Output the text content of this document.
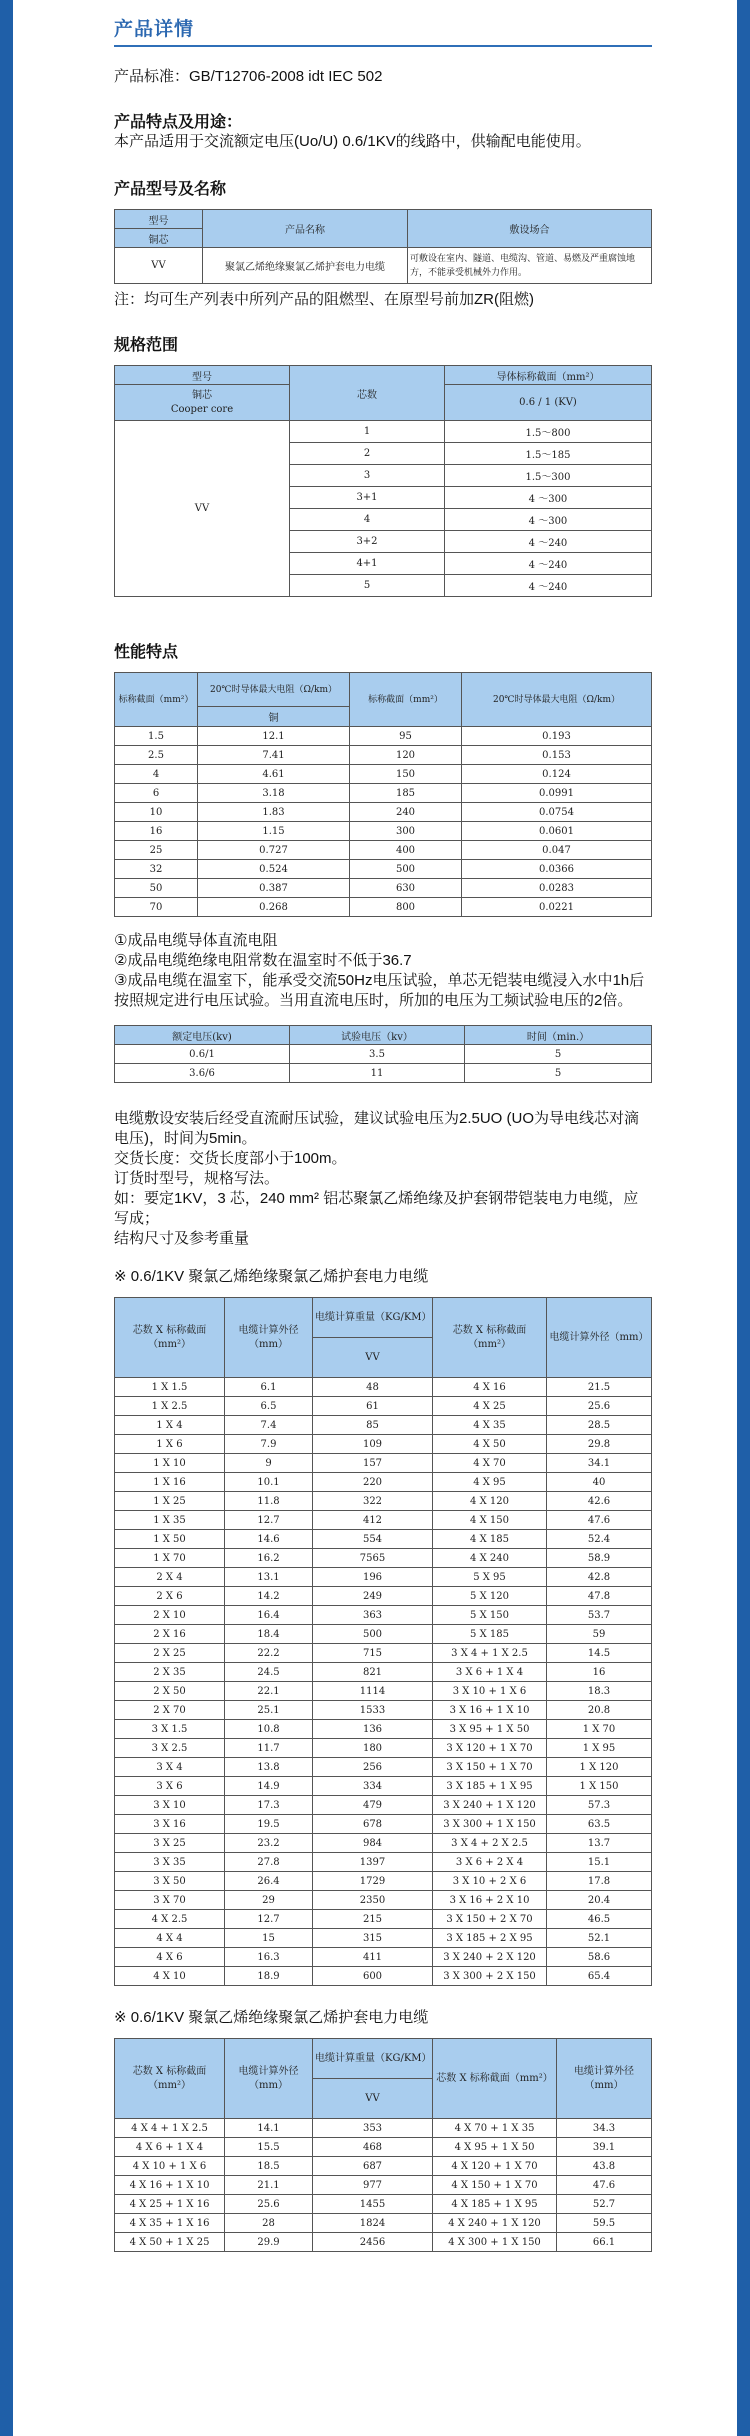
产品详情
产品标准：GB/T12706-2008 idt IEC 502
产品特点及用途：
本产品适用于交流额定电压(Uo/U) 0.6/1KV的线路中，供输配电能使用。
产品型号及名称
型号	产品名称	敷设场合
铜芯		
VV	聚氯乙烯绝缘聚氯乙烯护套电力电缆	可敷设在室内、隧道、电缆沟、管道、易燃及严重腐蚀地方，不能承受机械外力作用。
注：均可生产列表中所列产品的阻燃型、在原型号前加ZR(阻燃)
规格范围
型号	芯数	导体标称截面（mm²）
铜芯
Cooper core		0.6 / 1 (KV)
VV	1	1.5～800
	2	1.5～185
	3	1.5～300
	3+1	4 ～300
	4	4 ～300
	3+2	4 ～240
	4+1	4 ～240
	5	4 ～240
性能特点
标称截面（mm²）	20℃时导体最大电阻（Ω/km）	标称截面（mm²）	20℃时导体最大电阻（Ω/km）
	铜		
1.5	12.1	95	0.193
2.5	7.41	120	0.153
4	4.61	150	0.124
6	3.18	185	0.0991
10	1.83	240	0.0754
16	1.15	300	0.0601
25	0.727	400	0.047
32	0.524	500	0.0366
50	0.387	630	0.0283
70	0.268	800	0.0221
①成品电缆导体直流电阻
②成品电缆绝缘电阻常数在温室时不低于36.7
③成品电缆在温室下，能承受交流50Hz电压试验，单芯无铠装电缆浸入水中1h后按照规定进行电压试验。当用直流电压时，所加的电压为工频试验电压的2倍。
额定电压(kv)	试验电压（kv）	时间（min.）
0.6/1	3.5	5
3.6/6	11	5
电缆敷设安装后经受直流耐压试验，建议试验电压为2.5UO (UO为导电线芯对滴电压)，时间为5min。
交货长度：交货长度部小于100m。
订货时型号，规格写法。
如：要定1KV，3 芯，240 mm² 铝芯聚氯乙烯绝缘及护套钢带铠装电力电缆，应写成；
结构尺寸及参考重量
※ 0.6/1KV 聚氯乙烯绝缘聚氯乙烯护套电力电缆
芯数 X 标称截面（mm²）	电缆计算外径（mm）	电缆计算重量（KG/KM）	芯数 X 标称截面（mm²）	电缆计算外径（mm）
		VV		
1 X 1.5	6.1	48	4 X 16	21.5
1 X 2.5	6.5	61	4 X 25	25.6
1 X 4	7.4	85	4 X 35	28.5
1 X 6	7.9	109	4 X 50	29.8
1 X 10	9	157	4 X 70	34.1
1 X 16	10.1	220	4 X 95	40
1 X 25	11.8	322	4 X 120	42.6
1 X 35	12.7	412	4 X 150	47.6
1 X 50	14.6	554	4 X 185	52.4
1 X 70	16.2	7565	4 X 240	58.9
2 X 4	13.1	196	5 X 95	42.8
2 X 6	14.2	249	5 X 120	47.8
2 X 10	16.4	363	5 X 150	53.7
2 X 16	18.4	500	5 X 185	59
2 X 25	22.2	715	3 X 4 + 1 X 2.5	14.5
2 X 35	24.5	821	3 X 6 + 1 X 4	16
2 X 50	22.1	1114	3 X 10 + 1 X 6	18.3
2 X 70	25.1	1533	3 X 16 + 1 X 10	20.8
3 X 1.5	10.8	136	3 X 95 + 1 X 50	1 X 70
3 X 2.5	11.7	180	3 X 120 + 1 X 70	1 X 95
3 X 4	13.8	256	3 X 150 + 1 X 70	1 X 120
3 X 6	14.9	334	3 X 185 + 1 X 95	1 X 150
3 X 10	17.3	479	3 X 240 + 1 X 120	57.3
3 X 16	19.5	678	3 X 300 + 1 X 150	63.5
3 X 25	23.2	984	3 X 4 + 2 X 2.5	13.7
3 X 35	27.8	1397	3 X 6 + 2 X 4	15.1
3 X 50	26.4	1729	3 X 10 + 2 X 6	17.8
3 X 70	29	2350	3 X 16 + 2 X 10	20.4
4 X 2.5	12.7	215	3 X 150 + 2 X 70	46.5
4 X 4	15	315	3 X 185 + 2 X 95	52.1
4 X 6	16.3	411	3 X 240 + 2 X 120	58.6
4 X 10	18.9	600	3 X 300 + 2 X 150	65.4
※ 0.6/1KV 聚氯乙烯绝缘聚氯乙烯护套电力电缆
芯数 X 标称截面（mm²）	电缆计算外径（mm）	电缆计算重量（KG/KM）	芯数 X 标称截面（mm²）	电缆计算外径（mm）
		VV		
4 X 4 + 1 X 2.5	14.1	353	4 X 70 + 1 X 35	34.3
4 X 6 + 1 X 4	15.5	468	4 X 95 + 1 X 50	39.1
4 X 10 + 1 X 6	18.5	687	4 X 120 + 1 X 70	43.8
4 X 16 + 1 X 10	21.1	977	4 X 150 + 1 X 70	47.6
4 X 25 + 1 X 16	25.6	1455	4 X 185 + 1 X 95	52.7
4 X 35 + 1 X 16	28	1824	4 X 240 + 1 X 120	59.5
4 X 50 + 1 X 25	29.9	2456	4 X 300 + 1 X 150	66.1
